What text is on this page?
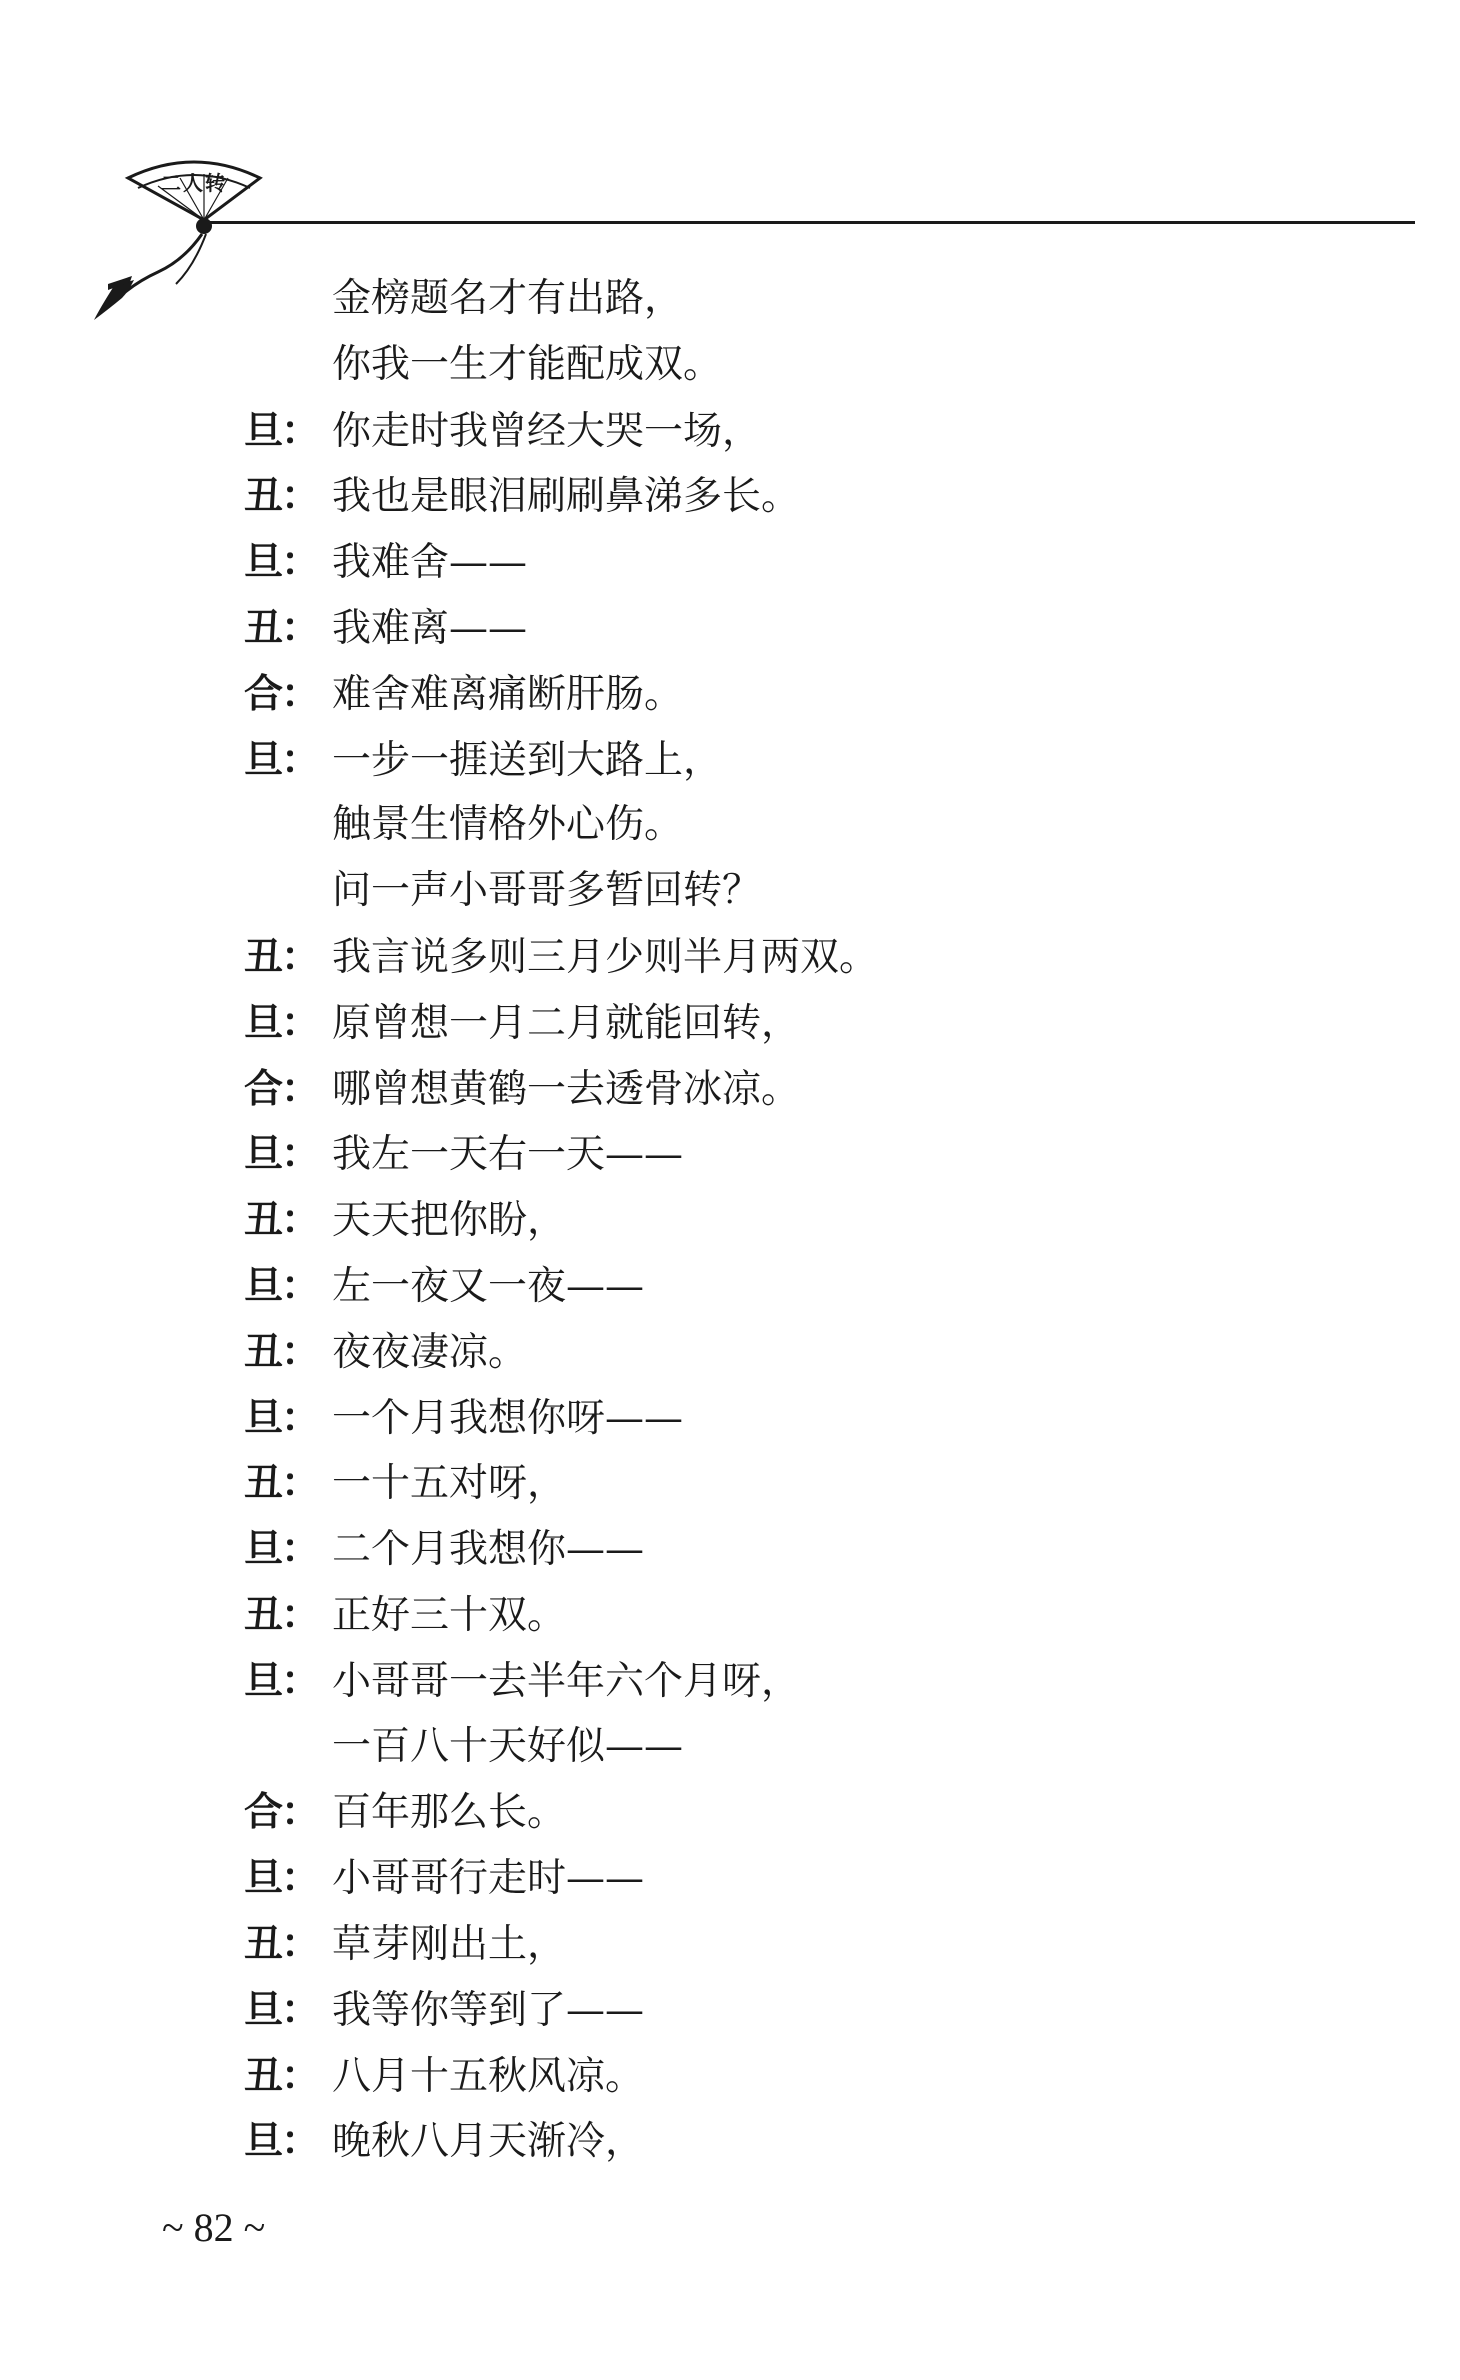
二人转
金榜题名才有出路，
你我一生才能配成双。
旦： 你走时我曾经大哭一场，
丑： 我也是眼泪刷刷鼻涕多长。
旦： 我难舍——
丑： 我难离——
合： 难舍难离痛断肝肠。
旦： 一步一捱送到大路上，
触景生情格外心伤。
问一声小哥哥多暂回转？
丑： 我言说多则三月少则半月两双。
旦： 原曾想一月二月就能回转，
合： 哪曾想黄鹤一去透骨冰凉。
旦： 我左一天右一天——
丑： 天天把你盼，
旦： 左一夜又一夜——
丑： 夜夜凄凉。
旦： 一个月我想你呀——
丑： 一十五对呀，
旦： 二个月我想你——
丑： 正好三十双。
旦： 小哥哥一去半年六个月呀，
一百八十天好似——
合： 百年那么长。
旦： 小哥哥行走时——
丑： 草芽刚出土，
旦： 我等你等到了——
丑： 八月十五秋风凉。
旦： 晚秋八月天渐冷，
~ 82 ~
